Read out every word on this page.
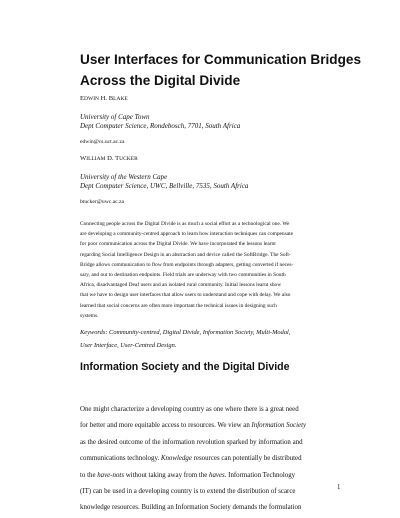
User Interfaces for Communication Bridges
Across the Digital Divide
EDWIN H. BLAKE
University of Cape Town
Dept Computer Science, Rondebosch, 7701, South Africa
edwin@cs.uct.ac.za
WILLIAM D. TUCKER
University of the Western Cape
Dept Computer Science, UWC, Bellville, 7535, South Africa
btucker@uwc.ac.za
Connecting people across the Digital Divide is as much a social effort as a technological one. We
are developing a community-centred approach to learn how interaction techniques can compensate
for poor communication across the Digital Divide. We have incorporated the lessons learnt
regarding Social Intelligence Design in an abstraction and device called the SoftBridge. The Soft-
Bridge allows communication to flow from endpoints through adapters, getting converted if neces-
sary, and out to destination endpoints. Field trials are underway with two communities in South
Africa, disadvantaged Deaf users and an isolated rural community. Initial lessons learnt show
that we have to design user interfaces that allow users to understand and cope with delay. We also
learned that social concerns are often more important the technical issues in designing such
systems.
Keywords: Community-centred, Digital Divide, Information Society, Multi-Modal,
User Interface, User-Centred Design.
Information Society and the Digital Divide
One might characterize a developing country as one where there is a great need
for better and more equitable access to resources. We view an Information Society
as the desired outcome of the information revolution sparked by information and
communications technology. Knowledge resources can potentially be distributed
to the have-nots without taking away from the haves. Information Technology
(IT) can be used in a developing country is to extend the distribution of scarce
knowledge resources. Building an Information Society demands the formulation
1
